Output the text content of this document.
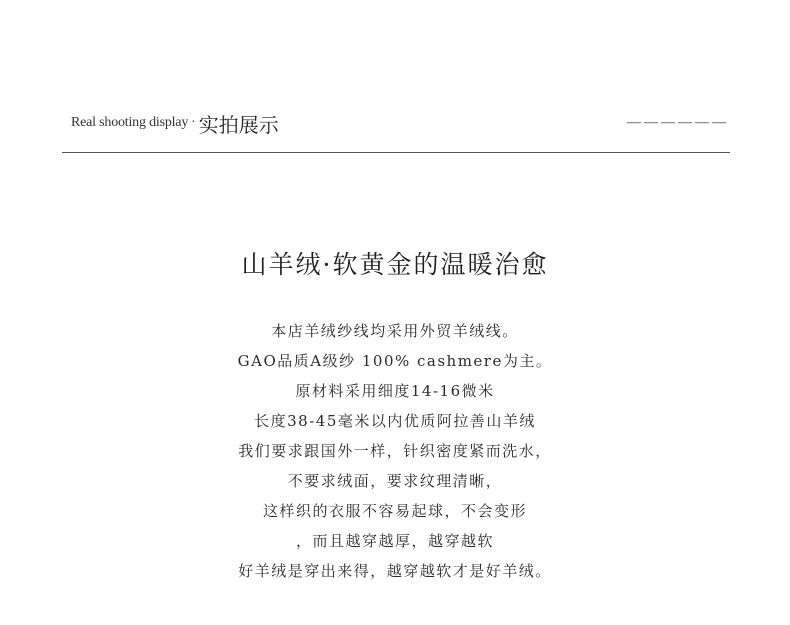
Real shooting display · 实拍展示	——————
山羊绒·软黄金的温暖治愈
本店羊绒纱线均采用外贸羊绒线。
GAO品质A级纱 100% cashmere为主。
原材料采用细度14-16微米
长度38-45毫米以内优质阿拉善山羊绒
我们要求跟国外一样，针织密度紧而洗水，
不要求绒面，要求纹理清晰，
这样织的衣服不容易起球，不会变形
，而且越穿越厚，越穿越软
好羊绒是穿出来得，越穿越软才是好羊绒。
